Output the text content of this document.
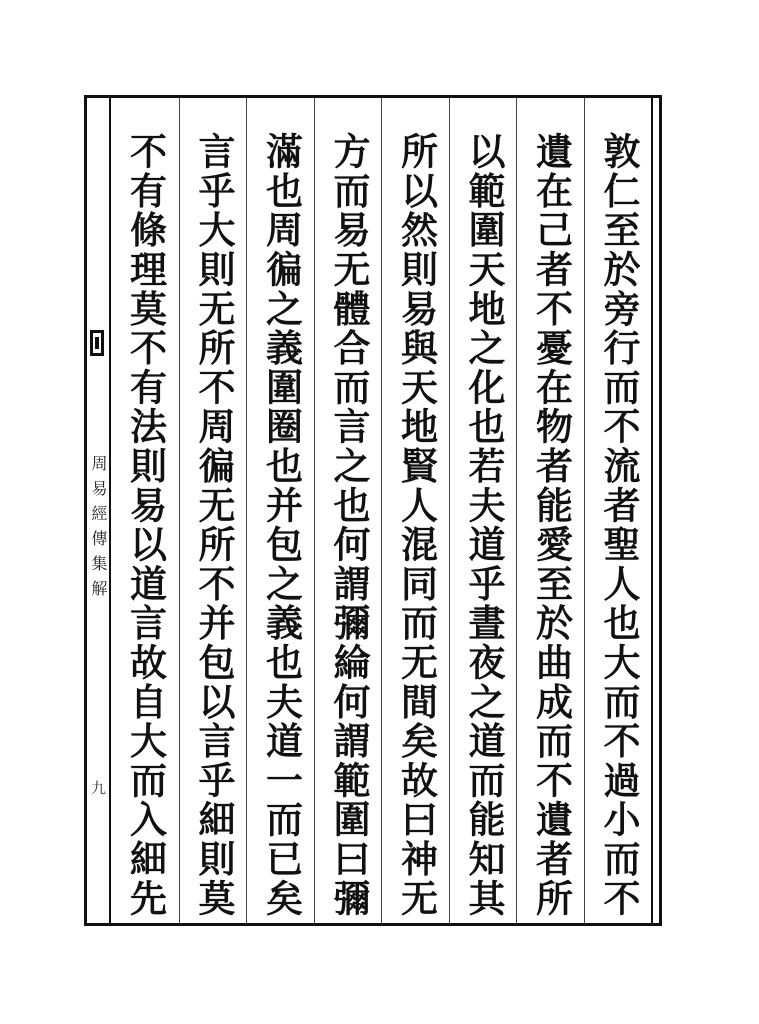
周易經傳集解
九	敦仁至於旁行而不流者聖人也大而不過小而不
遺在己者不憂在物者能愛至於曲成而不遺者所
以範圍天地之化也若夫道乎晝夜之道而能知其
所以然則易與天地賢人混同而无間矣故曰神无
方而易无體合而言之也何謂彌綸何謂範圍曰彌
滿也周徧之義圍圈也并包之義也夫道一而已矣
言乎大則无所不周徧无所不并包以言乎細則莫
不有條理莫不有法則易以道言故自大而入細先
